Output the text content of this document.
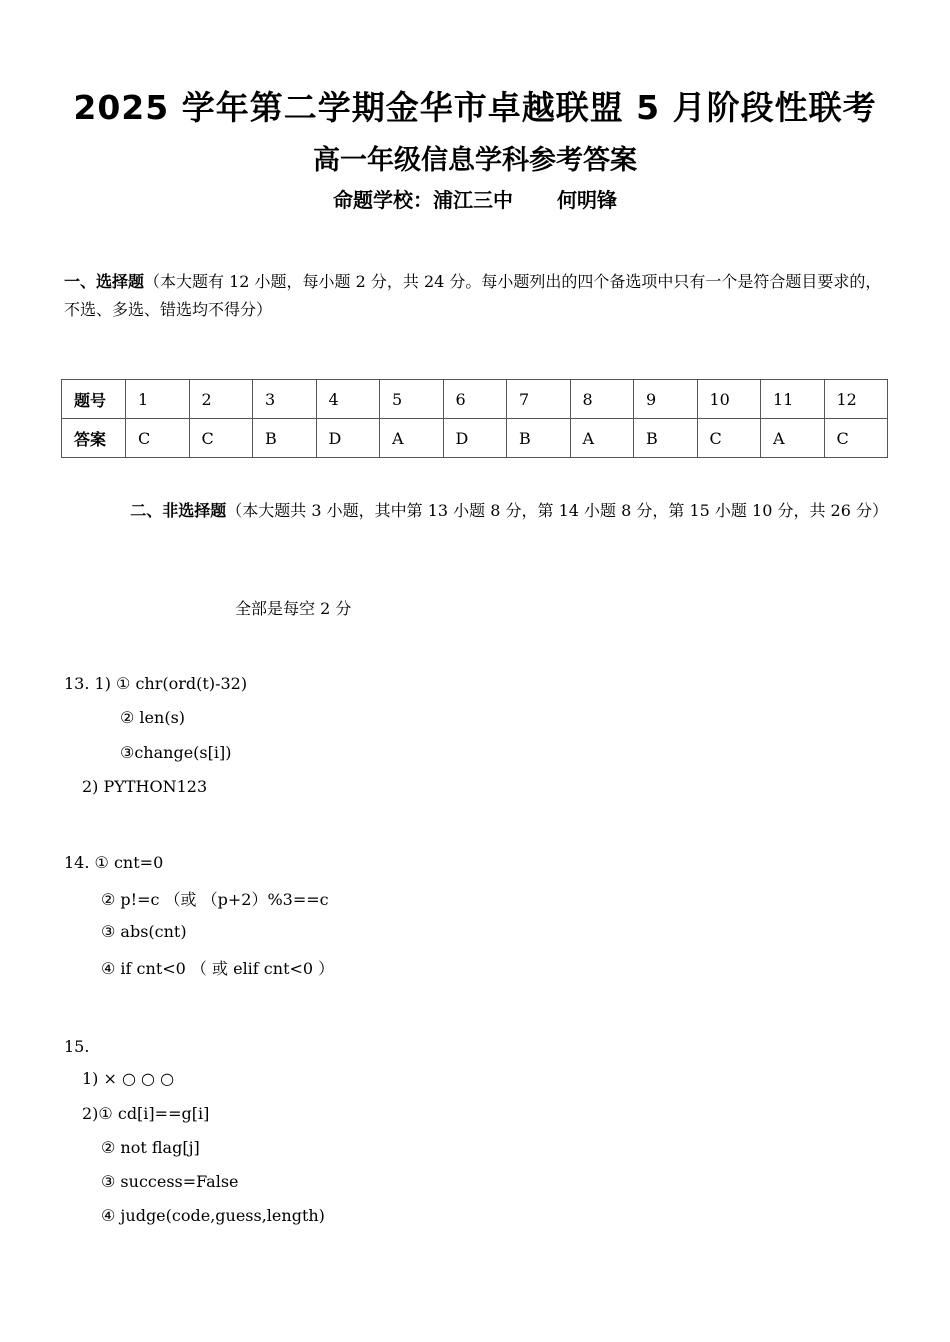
2025 学年第二学期金华市卓越联盟 5 月阶段性联考
高一年级信息学科参考答案
命题学校：浦江三中 何明锋
一、选择题（本大题有 12 小题，每小题 2 分，共 24 分。每小题列出的四个备选项中只有一个是符合题目要求的，不选、多选、错选均不得分）
题号	1	2	3	4	5	6	7	8	9	10	11	12
答案	C	C	B	D	A	D	B	A	B	C	A	C
二、非选择题（本大题共 3 小题，其中第 13 小题 8 分，第 14 小题 8 分，第 15 小题 10 分，共 26 分）
全部是每空 2 分
13. 1) ① chr(ord(t)-32)
② len(s)
③change(s[i])
2) PYTHON123
14. ① cnt=0
② p!=c （或 （p+2）%3==c
③ abs(cnt)
④ if cnt<0 （ 或 elif cnt<0 ）
15.
1) × ○ ○ ○
2)① cd[i]==g[i]
② not flag[j]
③ success=False
④ judge(code,guess,length)
